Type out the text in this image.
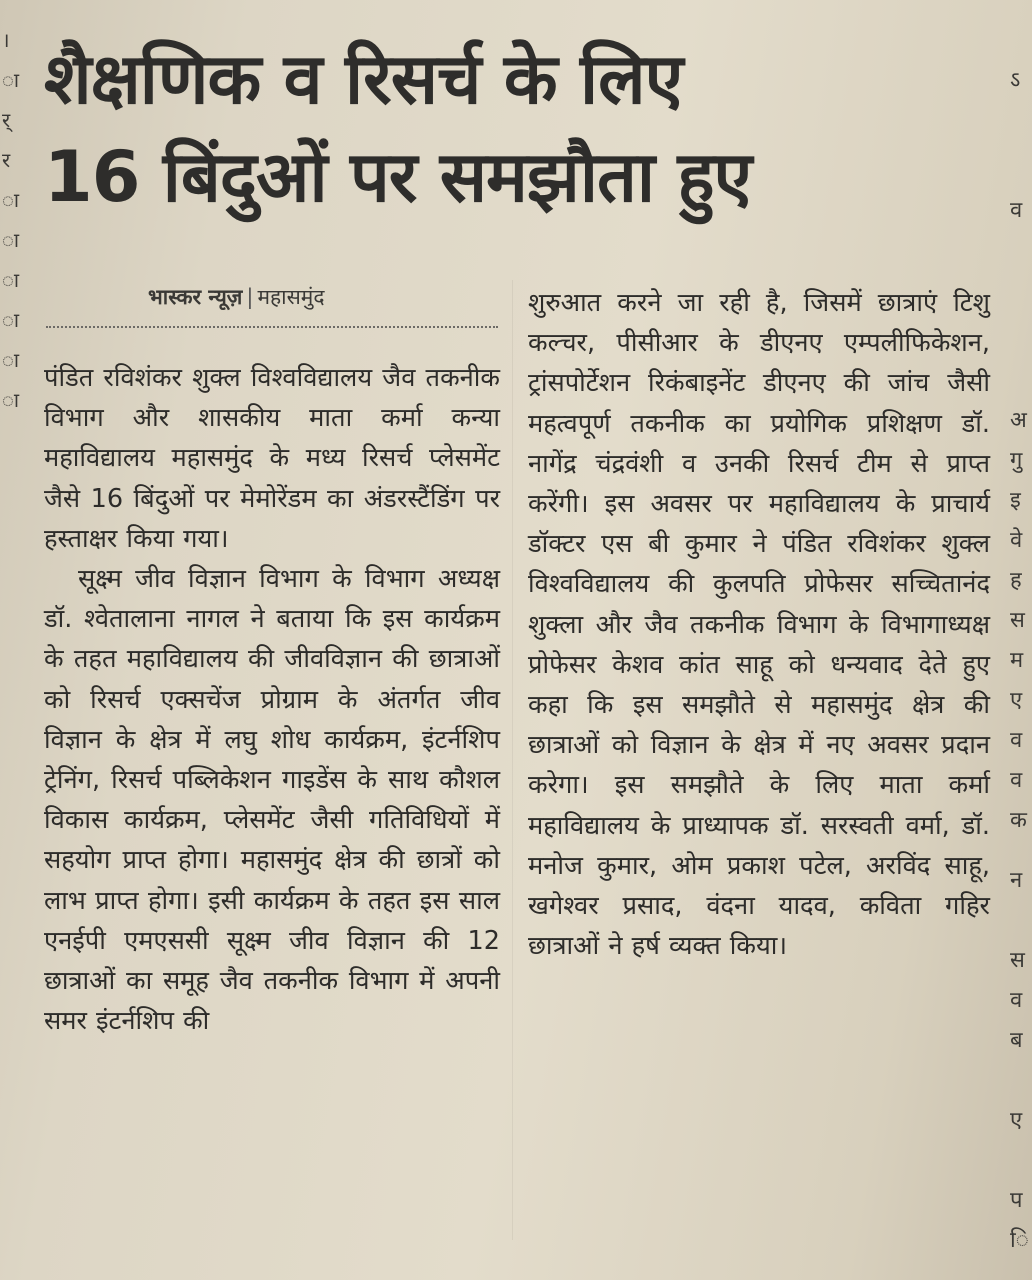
।
ा
र्
र
ा
ा
ा
ा
ा
ा
ऽ
व
अ
गु
इ
वे
ह
स
म
ए
व
व
क
न
स
व
ब
ए
प
ि
शैक्षणिक व रिसर्च के लिए
16 बिंदुओं पर समझौता हुए
भास्कर न्यूज़ | महासमुंद

पंडित रविशंकर शुक्ल विश्वविद्यालय जैव तकनीक विभाग और शासकीय माता कर्मा कन्या महाविद्यालय महासमुंद के मध्य रिसर्च प्लेसमेंट जैसे 16 बिंदुओं पर मेमोरेंडम का अंडरस्टैंडिंग पर हस्ताक्षर किया गया।

सूक्ष्म जीव विज्ञान विभाग के विभाग अध्यक्ष डॉ. श्वेतालाना नागल ने बताया कि इस कार्यक्रम के तहत महाविद्यालय की जीवविज्ञान की छात्राओं को रिसर्च एक्सचेंज प्रोग्राम के अंतर्गत जीव विज्ञान के क्षेत्र में लघु शोध कार्यक्रम, इंटर्नशिप ट्रेनिंग, रिसर्च पब्लिकेशन गाइडेंस के साथ कौशल विकास कार्यक्रम, प्लेसमेंट जैसी गतिविधियों में सहयोग प्राप्त होगा। महासमुंद क्षेत्र की छात्रों को लाभ प्राप्त होगा। इसी कार्यक्रम के तहत इस साल एनईपी एमएससी सूक्ष्म जीव विज्ञान की 12 छात्राओं का समूह जैव तकनीक विभाग में अपनी समर इंटर्नशिप की

शुरुआत करने जा रही है, जिसमें छात्राएं टिशु कल्चर, पीसीआर के डीएनए एम्पलीफिकेशन, ट्रांसपोर्टेशन रिकंबाइनेंट डीएनए की जांच जैसी महत्वपूर्ण तकनीक का प्रयोगिक प्रशिक्षण डॉ. नागेंद्र चंद्रवंशी व उनकी रिसर्च टीम से प्राप्त करेंगी। इस अवसर पर महाविद्यालय के प्राचार्य डॉक्टर एस बी कुमार ने पंडित रविशंकर शुक्ल विश्वविद्यालय की कुलपति प्रोफेसर सच्चितानंद शुक्ला और जैव तकनीक विभाग के विभागाध्यक्ष प्रोफेसर केशव कांत साहू को धन्यवाद देते हुए कहा कि इस समझौते से महासमुंद क्षेत्र की छात्राओं को विज्ञान के क्षेत्र में नए अवसर प्रदान करेगा। इस समझौते के लिए माता कर्मा महाविद्यालय के प्राध्यापक डॉ. सरस्वती वर्मा, डॉ. मनोज कुमार, ओम प्रकाश पटेल, अरविंद साहू, खगेश्वर प्रसाद, वंदना यादव, कविता गहिर छात्राओं ने हर्ष व्यक्त किया।
